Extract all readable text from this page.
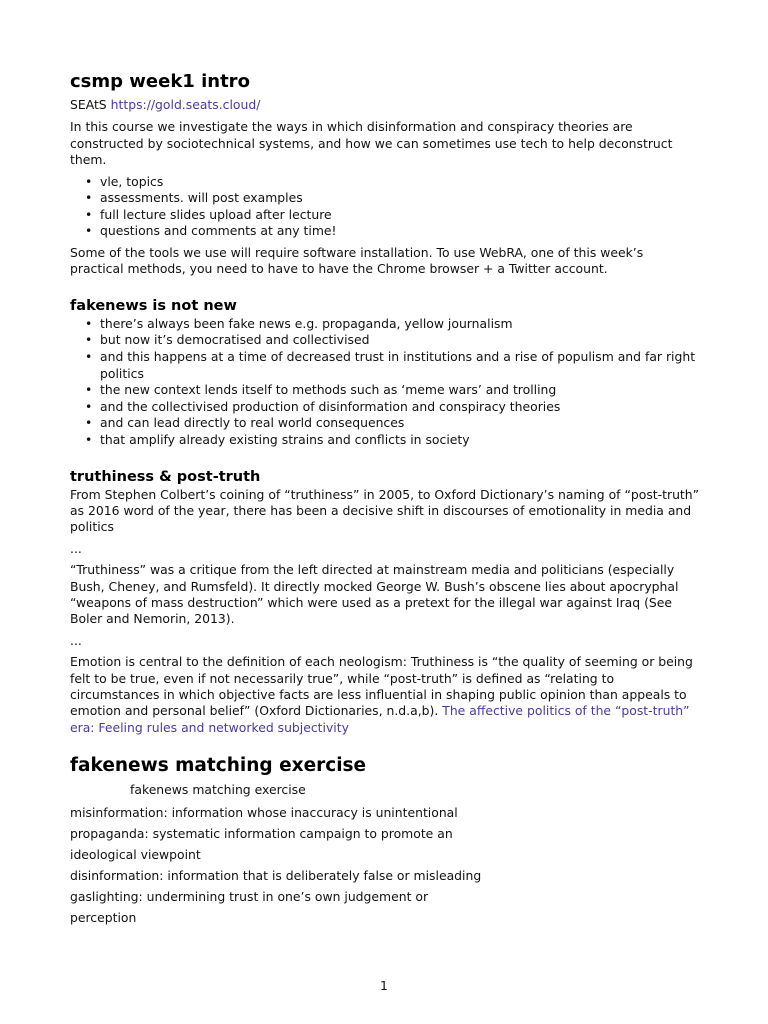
csmp week1 intro

SEAtS https://gold.seats.cloud/

In this course we investigate the ways in which disinformation and conspiracy theories are constructed by sociotechnical systems, and how we can sometimes use tech to help deconstruct them.

• vle, topics
• assessments. will post examples
• full lecture slides upload after lecture
• questions and comments at any time!

Some of the tools we use will require software installation. To use WebRA, one of this week’s practical methods, you need to have to have the Chrome browser + a Twitter account.

fakenews is not new
• there’s always been fake news e.g. propaganda, yellow journalism
• but now it’s democratised and collectivised
• and this happens at a time of decreased trust in institutions and a rise of populism and far right politics
• the new context lends itself to methods such as ‘meme wars’ and trolling
• and the collectivised production of disinformation and conspiracy theories
• and can lead directly to real world consequences
• that amplify already existing strains and conflicts in society
truthiness & post-truth

From Stephen Colbert’s coining of “truthiness” in 2005, to Oxford Dictionary’s naming of “post-truth” as 2016 word of the year, there has been a decisive shift in discourses of emotionality in media and politics

...

“Truthiness” was a critique from the left directed at mainstream media and politicians (especially Bush, Cheney, and Rumsfeld). It directly mocked George W. Bush’s obscene lies about apocryphal “weapons of mass destruction” which were used as a pretext for the illegal war against Iraq (See Boler and Nemorin, 2013).

...

Emotion is central to the definition of each neologism: Truthiness is “the quality of seeming or being felt to be true, even if not necessarily true”, while “post-truth” is defined as “relating to circumstances in which objective facts are less influential in shaping public opinion than appeals to emotion and personal belief” (Oxford Dictionaries, n.d.a,b). The affective politics of the “post-truth” era: Feeling rules and networked subjectivity

fakenews matching exercise

fakenews matching exercise

misinformation: information whose inaccuracy is unintentional

propaganda: systematic information campaign to promote an ideological viewpoint

disinformation: information that is deliberately false or misleading

gaslighting: undermining trust in one’s own judgement or perception

1
